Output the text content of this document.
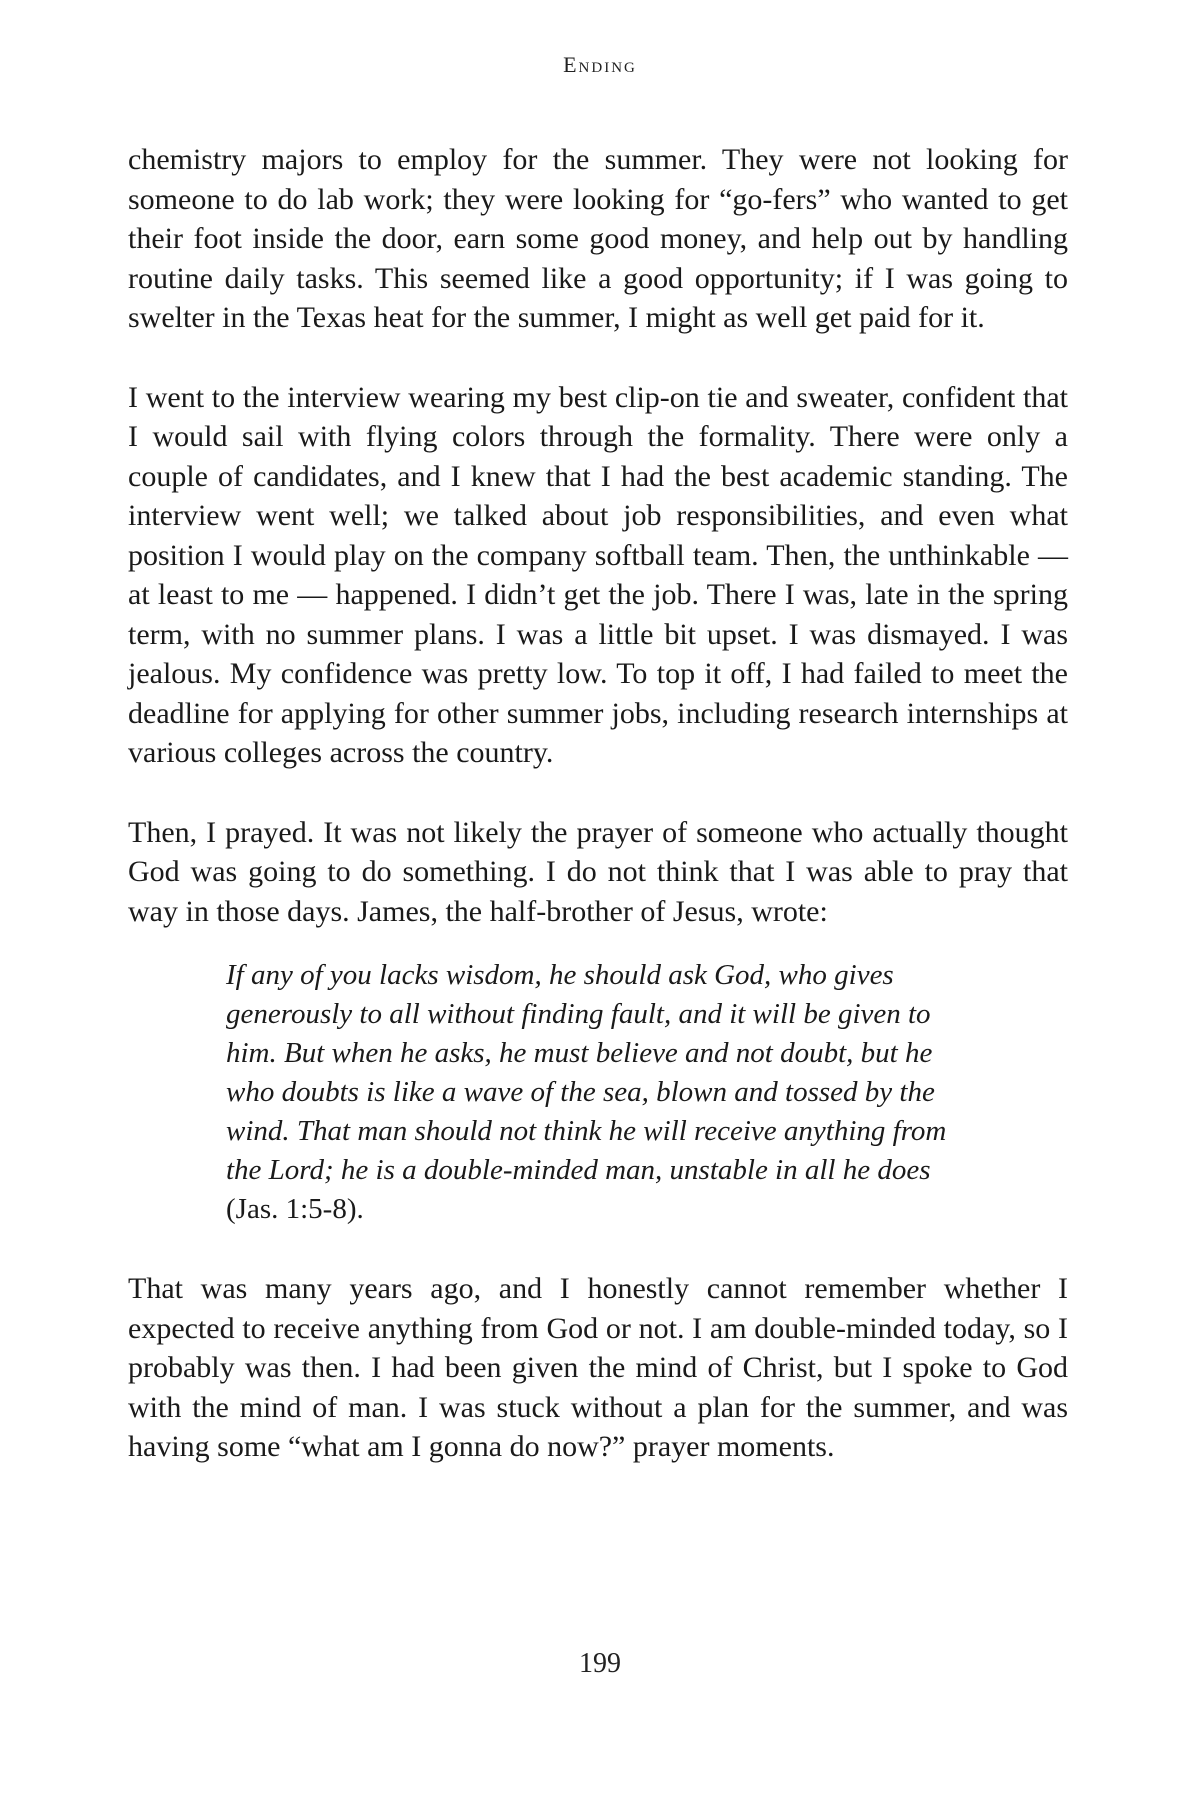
Ending

chemistry majors to employ for the summer. They were not looking for someone to do lab work; they were looking for “go-fers” who wanted to get their foot inside the door, earn some good money, and help out by handling routine daily tasks. This seemed like a good opportunity; if I was going to swelter in the Texas heat for the summer, I might as well get paid for it.

I went to the interview wearing my best clip-on tie and sweater, confident that I would sail with flying colors through the formality. There were only a couple of candidates, and I knew that I had the best academic standing. The interview went well; we talked about job responsibilities, and even what position I would play on the company softball team. Then, the unthinkable — at least to me — happened. I didn’t get the job. There I was, late in the spring term, with no summer plans. I was a little bit upset. I was dismayed. I was jealous. My confidence was pretty low. To top it off, I had failed to meet the deadline for applying for other summer jobs, including research internships at various colleges across the country.

Then, I prayed. It was not likely the prayer of someone who actually thought God was going to do something. I do not think that I was able to pray that way in those days. James, the half-brother of Jesus, wrote:

If any of you lacks wisdom, he should ask God, who gives generously to all without finding fault, and it will be given to him. But when he asks, he must believe and not doubt, but he who doubts is like a wave of the sea, blown and tossed by the wind. That man should not think he will receive anything from the Lord; he is a double-minded man, unstable in all he does (Jas. 1:5-8).

That was many years ago, and I honestly cannot remember whether I expected to receive anything from God or not. I am double-minded today, so I probably was then. I had been given the mind of Christ, but I spoke to God with the mind of man. I was stuck without a plan for the summer, and was having some “what am I gonna do now?” prayer moments.

199
